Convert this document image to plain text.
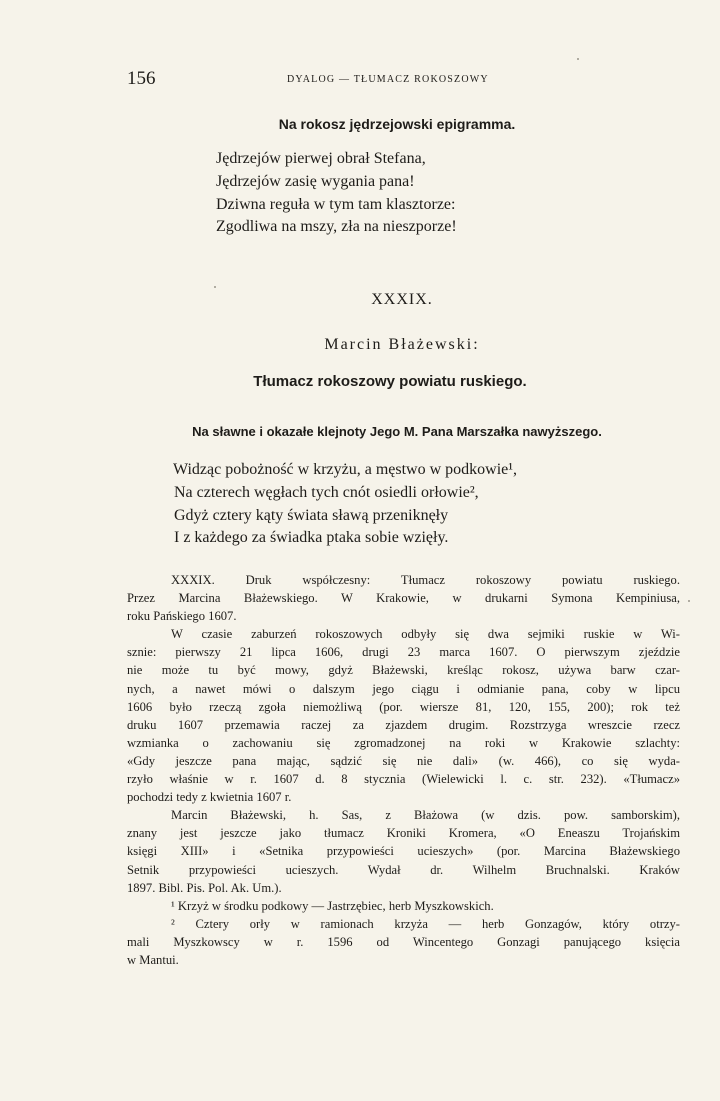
156	DYALOG — TŁUMACZ ROKOSZOWY
Na rokosz jędrzejowski epigramma.
Jędrzejów pierwej obrał Stefana,
Jędrzejów zasię wygania pana!
Dziwna reguła w tym tam klasztorze:
Zgodliwa na mszy, zła na nieszporze!
XXXIX.
Marcin Błażewski:
Tłumacz rokoszowy powiatu ruskiego.
Na sławne i okazałe klejnoty Jego M. Pana Marszałka nawyższego.
Widząc pobożność w krzyżu, a męstwo w podkowie¹,
Na czterech węgłach tych cnót osiedli orłowie²,
Gdyż cztery kąty świata sławą przeniknęły
I z każdego za świadka ptaka sobie wzięły.
XXXIX. Druk współczesny: Tłumacz rokoszowy powiatu ruskiego.
Przez Marcina Błażewskiego. W Krakowie, w drukarni Symona Kempiniusa,
roku Pańskiego 1607.
W czasie zaburzeń rokoszowych odbyły się dwa sejmiki ruskie w Wi-
sznie: pierwszy 21 lipca 1606, drugi 23 marca 1607. O pierwszym zjeździe
nie może tu być mowy, gdyż Błażewski, kreśląc rokosz, używa barw czar-
nych, a nawet mówi o dalszym jego ciągu i odmianie pana, coby w lipcu
1606 było rzeczą zgoła niemożliwą (por. wiersze 81, 120, 155, 200); rok też
druku 1607 przemawia raczej za zjazdem drugim. Rozstrzyga wreszcie rzecz
wzmianka o zachowaniu się zgromadzonej na roki w Krakowie szlachty:
«Gdy jeszcze pana mając, sądzić się nie dali» (w. 466), co się wyda-
rzyło właśnie w r. 1607 d. 8 stycznia (Wielewicki l. c. str. 232). «Tłumacz»
pochodzi tedy z kwietnia 1607 r.
Marcin Błażewski, h. Sas, z Błażowa (w dzis. pow. samborskim),
znany jest jeszcze jako tłumacz Kroniki Kromera, «O Eneaszu Trojańskim
księgi XIII» i «Setnika przypowieści ucieszych» (por. Marcina Błażewskiego
Setnik przypowieści ucieszych. Wydał dr. Wilhelm Bruchnalski. Kraków
1897. Bibl. Pis. Pol. Ak. Um.).
¹ Krzyż w środku podkowy — Jastrzębiec, herb Myszkowskich.
² Cztery orły w ramionach krzyża — herb Gonzagów, który otrzy-
mali Myszkowscy w r. 1596 od Wincentego Gonzagi panującego księcia
w Mantui.
